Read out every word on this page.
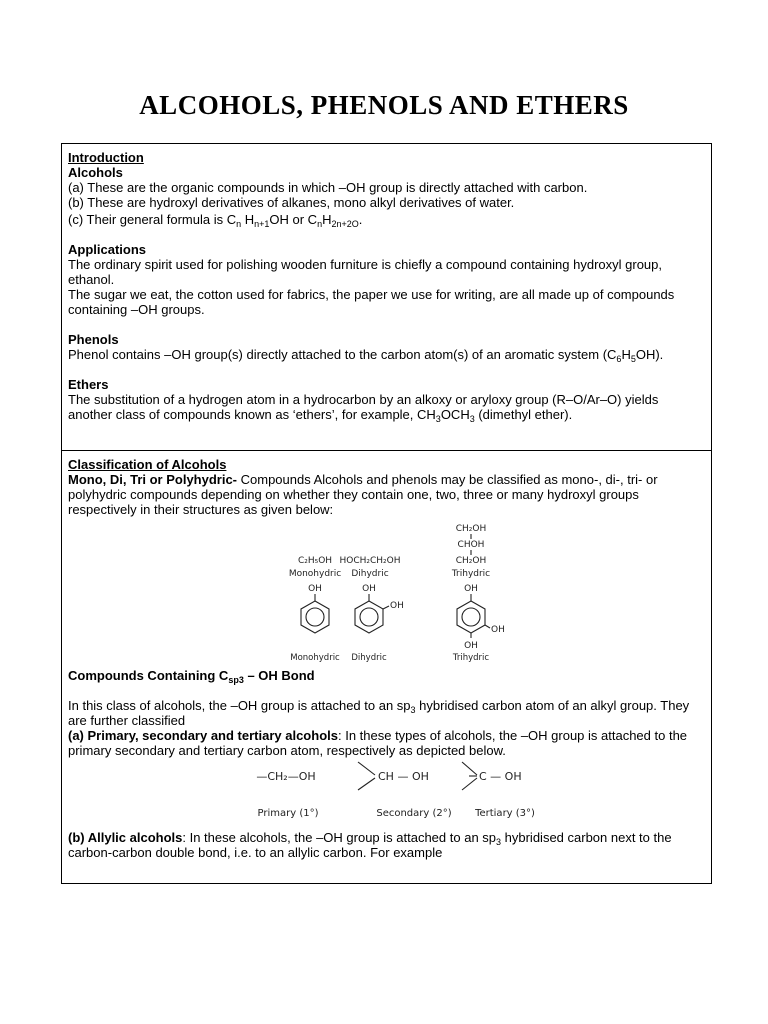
ALCOHOLS, PHENOLS AND ETHERS

Introduction

Alcohols

(a) These are the organic compounds in which –OH group is directly attached with carbon.

(b) These are hydroxyl derivatives of alkanes, mono alkyl derivatives of water.

(c) Their general formula is $C_n$ $H_{n+1}OH$ or $C_nH_{2n+2O}$.

Applications

The ordinary spirit used for polishing wooden furniture is chiefly a compound containing hydroxyl group, ethanol.

The sugar we eat, the cotton used for fabrics, the paper we use for writing, are all made up of compounds containing –OH groups.

Phenols

Phenol contains –OH group(s) directly attached to the carbon atom(s) of an aromatic system $(C_6H_5OH)$.

Ethers

The substitution of a hydrogen atom in a hydrocarbon by an alkoxy or aryloxy group (R–O/Ar–O) yields another class of compounds known as ‘ethers’, for example, $CH_3OCH_3$ (dimethyl ether).

Classification of Alcohols

Mono, Di, Tri or Polyhydric- Compounds Alcohols and phenols may be classified as mono-, di-, tri- or polyhydric compounds depending on whether they contain one, two, three or many hydroxyl groups respectively in their structures as given below:

CH₂OH
CHOH
CH₂OH
C₂H₅OH HOCH₂CH₂OH
Monohydric Dihydric	Trihydric
OH	OH
OH
OH
OH
OH
Monohydric Dihydric	Trihydric

Compounds Containing $C_{sp3}$ – OH Bond

In this class of alcohols, the –OH group is attached to an $sp_3$ hybridised carbon atom of an alkyl group. They are further classified

(a) Primary, secondary and tertiary alcohols: In these types of alcohols, the –OH group is attached to the primary secondary and tertiary carbon atom, respectively as depicted below.

—CH₂—OH	CH — OH	C — OH
Primary (1°)	Secondary (2°) Tertiary (3°)

(b) Allylic alcohols: In these alcohols, the –OH group is attached to an $sp_3$ hybridised carbon next to the carbon-carbon double bond, i.e. to an allylic carbon. For example
